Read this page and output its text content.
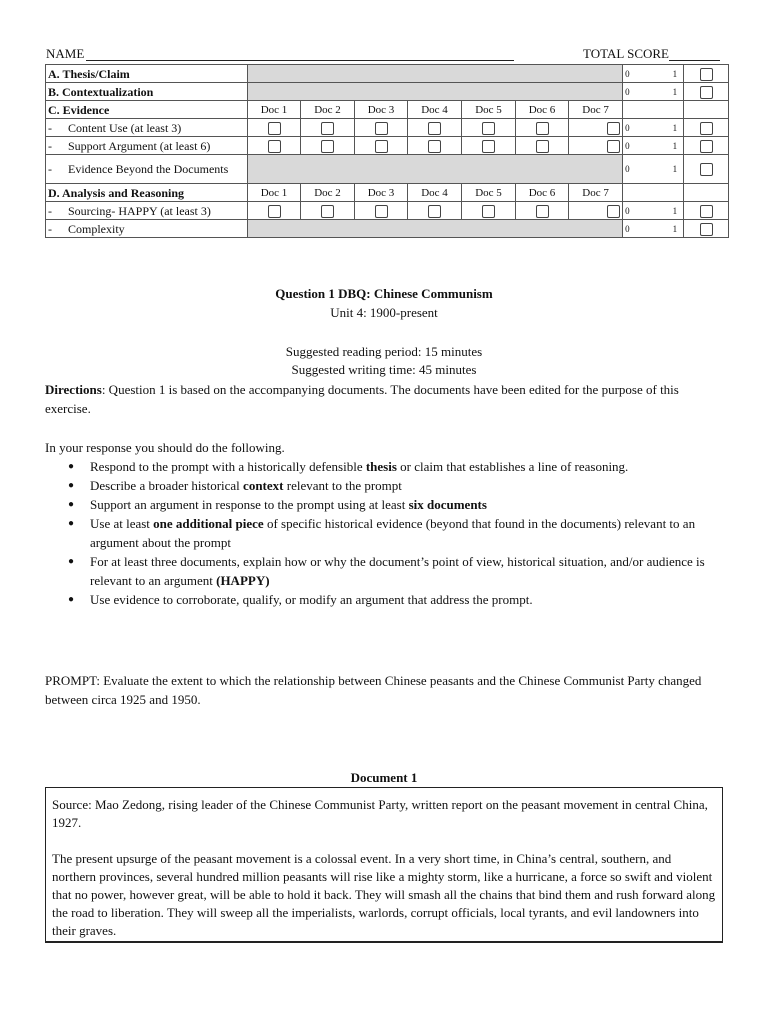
NAME	TOTAL SCORE
A. Thesis/Claim								0 1	

B. Contextualization								0 1	

C. Evidence	Doc 1	Doc 2	Doc 3	Doc 4	Doc 5	Doc 6	Doc 7		
- Content Use (at least 3)								0 1	

- Support Argument (at least 6)								0 1	

- Evidence Beyond the Documents								0 1	

D. Analysis and Reasoning	Doc 1	Doc 2	Doc 3	Doc 4	Doc 5	Doc 6	Doc 7		
- Sourcing- HAPPY (at least 3)								0 1	

- Complexity								0 1	

Question 1 DBQ: Chinese Communism
Unit 4: 1900-present
Suggested reading period: 15 minutes
Suggested writing time: 45 minutes
Directions: Question 1 is based on the accompanying documents. The documents have been edited for the purpose of this exercise.
In your response you should do the following.
● Respond to the prompt with a historically defensible thesis or claim that establishes a line of reasoning.
● Describe a broader historical context relevant to the prompt
● Support an argument in response to the prompt using at least six documents
● Use at least one additional piece of specific historical evidence (beyond that found in the documents) relevant to an argument about the prompt
● For at least three documents, explain how or why the document’s point of view, historical situation, and/or audience is relevant to an argument (HAPPY)
● Use evidence to corroborate, qualify, or modify an argument that address the prompt.
PROMPT: Evaluate the extent to which the relationship between Chinese peasants and the Chinese Communist Party changed between circa 1925 and 1950.
Document 1

Source: Mao Zedong, rising leader of the Chinese Communist Party, written report on the peasant movement in central China, 1927.

The present upsurge of the peasant movement is a colossal event. In a very short time, in China’s central, southern, and northern provinces, several hundred million peasants will rise like a mighty storm, like a hurricane, a force so swift and violent that no power, however great, will be able to hold it back. They will smash all the chains that bind them and rush forward along the road to liberation. They will sweep all the imperialists, warlords, corrupt officials, local tyrants, and evil landowners into their graves.
